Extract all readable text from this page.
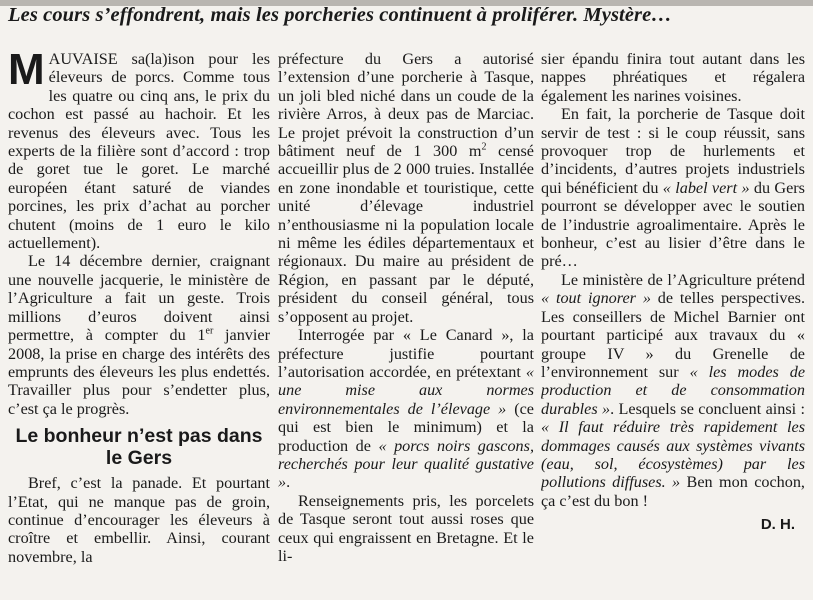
Les cours s’effondrent, mais les porcheries continuent à proliférer. Mystère…

MAUVAISE sa(la)ison pour les éleveurs de porcs. Comme tous les quatre ou cinq ans, le prix du cochon est passé au hachoir. Et les revenus des éleveurs avec. Tous les experts de la filière sont d’accord : trop de goret tue le goret. Le marché européen étant saturé de viandes porcines, les prix d’achat au porcher chutent (moins de 1 euro le kilo actuellement).

Le 14 décembre dernier, craignant une nouvelle jacquerie, le ministère de l’Agriculture a fait un geste. Trois millions d’euros doivent ainsi permettre, à compter du 1er janvier 2008, la prise en charge des intérêts des emprunts des éleveurs les plus endettés. Travailler plus pour s’endetter plus, c’est ça le progrès.

Le bonheur n’est pas dans le Gers

Bref, c’est la panade. Et pourtant l’Etat, qui ne manque pas de groin, continue d’encourager les éleveurs à croître et embellir. Ainsi, courant novembre, la

préfecture du Gers a autorisé l’extension d’une porcherie à Tasque, un joli bled niché dans un coude de la rivière Arros, à deux pas de Marciac. Le projet prévoit la construction d’un bâtiment neuf de 1 300 $m^2$ censé accueillir plus de 2 000 truies. Installée en zone inondable et touristique, cette unité d’élevage industriel n’enthousiasme ni la population locale ni même les édiles départementaux et régionaux. Du maire au président de Région, en passant par le député, président du conseil général, tous s’opposent au projet.

Interrogée par « Le Canard », la préfecture justifie pourtant l’autorisation accordée, en prétextant « une mise aux normes environnementales de l’élevage » (ce qui est bien le minimum) et la production de « porcs noirs gascons, recherchés pour leur qualité gustative ».

Renseignements pris, les porcelets de Tasque seront tout aussi roses que ceux qui engraissent en Bretagne. Et le li-

sier épandu finira tout autant dans les nappes phréatiques et régalera également les narines voisines.

En fait, la porcherie de Tasque doit servir de test : si le coup réussit, sans provoquer trop de hurlements et d’incidents, d’autres projets industriels qui bénéficient du « label vert » du Gers pourront se développer avec le soutien de l’industrie agroalimentaire. Après le bonheur, c’est au lisier d’être dans le pré…

Le ministère de l’Agriculture prétend « tout ignorer » de telles perspectives. Les conseillers de Michel Barnier ont pourtant participé aux travaux du « groupe IV » du Grenelle de l’environnement sur « les modes de production et de consommation durables ». Lesquels se concluent ainsi : « Il faut réduire très rapidement les dommages causés aux systèmes vivants (eau, sol, écosystèmes) par les pollutions diffuses. » Ben mon cochon, ça c’est du bon !

D. H.
